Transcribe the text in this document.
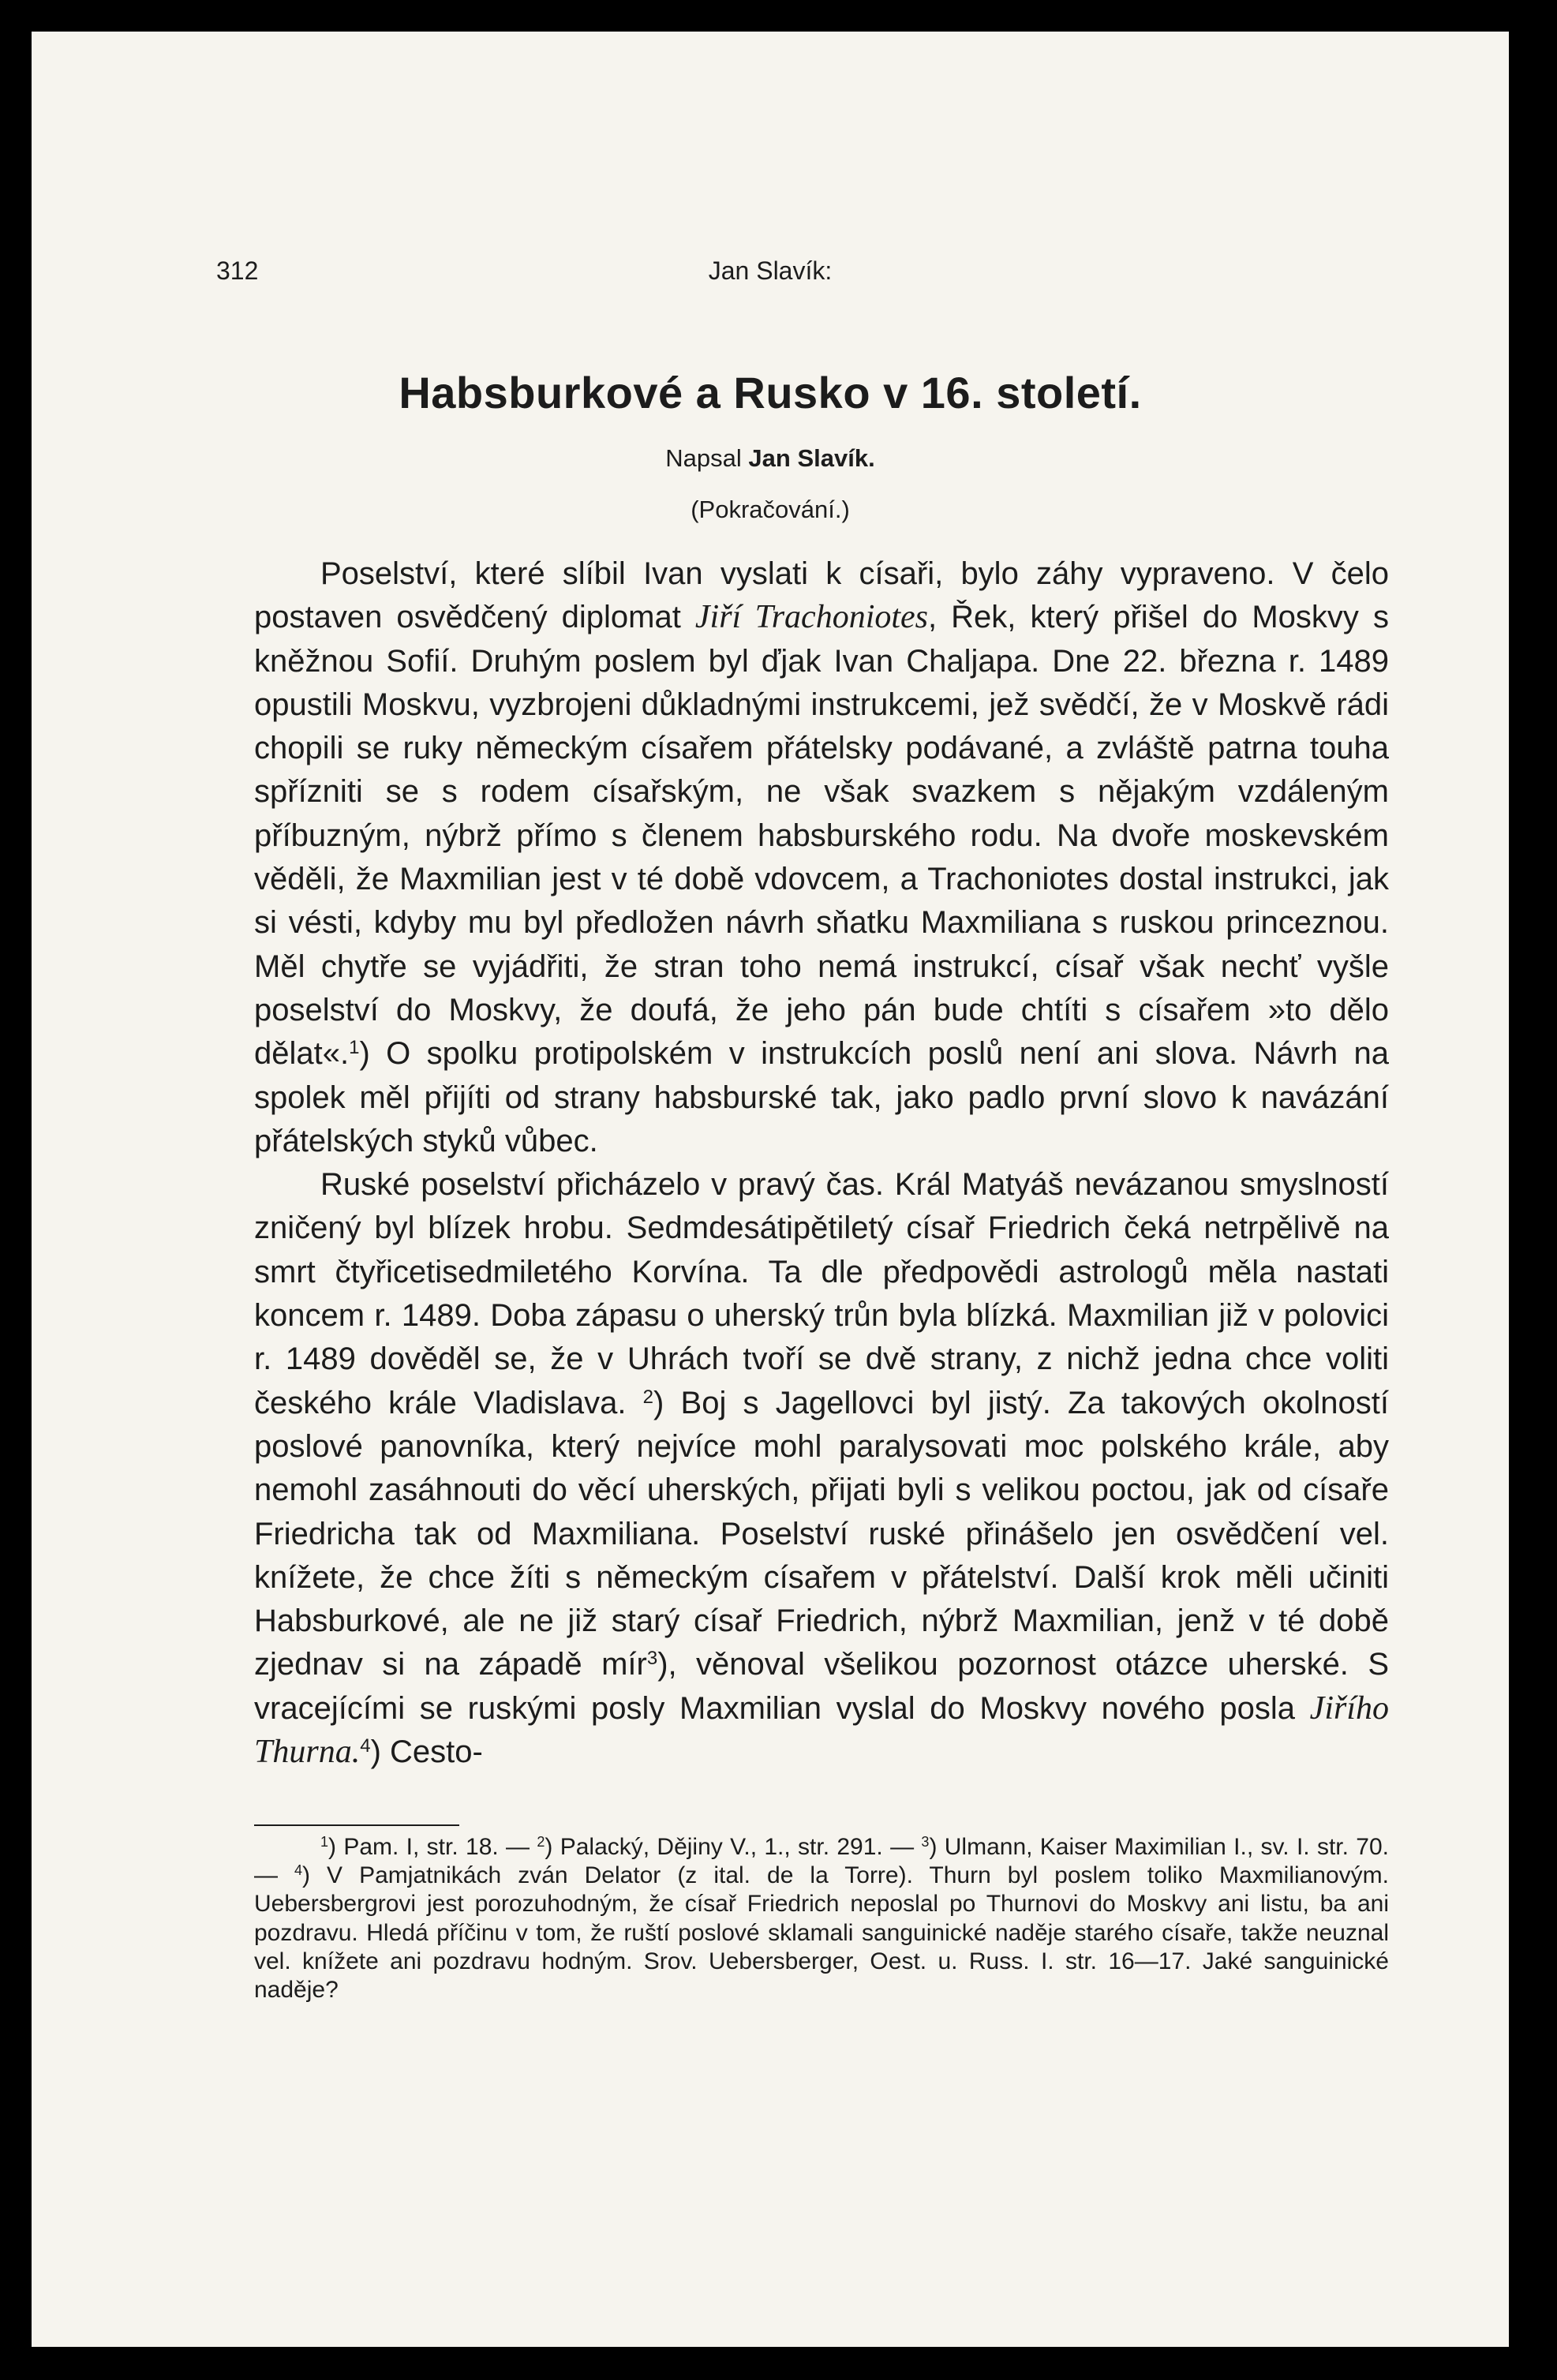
312	Jan Slavík:
Habsburkové a Rusko v 16. století.
Napsal Jan Slavík.
(Pokračování.)

Poselství, které slíbil Ivan vyslati k císaři, bylo záhy vypraveno. V čelo postaven osvědčený diplomat Jiří Trachoniotes, Řek, který přišel do Moskvy s kněžnou Sofií. Druhým poslem byl ďjak Ivan Chaljapa. Dne 22. března r. 1489 opustili Moskvu, vyzbrojeni důkladnými instrukcemi, jež svědčí, že v Moskvě rádi chopili se ruky německým císařem přátelsky podávané, a zvláště patrna touha spřízniti se s rodem císařským, ne však svazkem s nějakým vzdáleným příbuzným, nýbrž přímo s členem habsburského rodu. Na dvoře moskevském věděli, že Maxmilian jest v té době vdovcem, a Trachoniotes dostal instrukci, jak si vésti, kdyby mu byl předložen návrh sňatku Maxmiliana s ruskou princeznou. Měl chytře se vyjádřiti, že stran toho nemá instrukcí, císař však nechť vyšle poselství do Moskvy, že doufá, že jeho pán bude chtíti s císařem »to dělo dělat«.$^1$) O spolku protipolském v instrukcích poslů není ani slova. Návrh na spolek měl přijíti od strany habsburské tak, jako padlo první slovo k navázání přátelských styků vůbec.

Ruské poselství přicházelo v pravý čas. Král Matyáš nevázanou smyslností zničený byl blízek hrobu. Sedmdesátipětiletý císař Friedrich čeká netrpělivě na smrt čtyřicetisedmiletého Korvína. Ta dle předpovědi astrologů měla nastati koncem r. 1489. Doba zápasu o uherský trůn byla blízká. Maxmilian již v polovici r. 1489 dověděl se, že v Uhrách tvoří se dvě strany, z nichž jedna chce voliti českého krále Vladislava. $^2$) Boj s Jagellovci byl jistý. Za takových okolností poslové panovníka, který nejvíce mohl paralysovati moc polského krále, aby nemohl zasáhnouti do věcí uherských, přijati byli s velikou poctou, jak od císaře Friedricha tak od Maxmiliana. Poselství ruské přinášelo jen osvědčení vel. knížete, že chce žíti s německým císařem v přátelství. Další krok měli učiniti Habsburkové, ale ne již starý císař Friedrich, nýbrž Maxmilian, jenž v té době zjednav si na západě mír$^3$), věnoval všelikou pozornost otázce uherské. S vracejícími se ruskými posly Maxmilian vyslal do Moskvy nového posla Jiřího Thurna.$^4$) Cesto-

$^1$) Pam. I, str. 18. — $^2$) Palacký, Dějiny V., 1., str. 291. — $^3$) Ulmann, Kaiser Maximilian I., sv. I. str. 70. — $^4$) V Pamjatnikách zván Delator (z ital. de la Torre). Thurn byl poslem toliko Maxmilianovým. Uebersbergrovi jest porozuhodným, že císař Friedrich neposlal po Thurnovi do Moskvy ani listu, ba ani pozdravu. Hledá příčinu v tom, že ruští poslové sklamali sanguinické naděje starého císaře, takže neuznal vel. knížete ani pozdravu hodným. Srov. Uebersberger, Oest. u. Russ. I. str. 16—17. Jaké sanguinické naděje?
